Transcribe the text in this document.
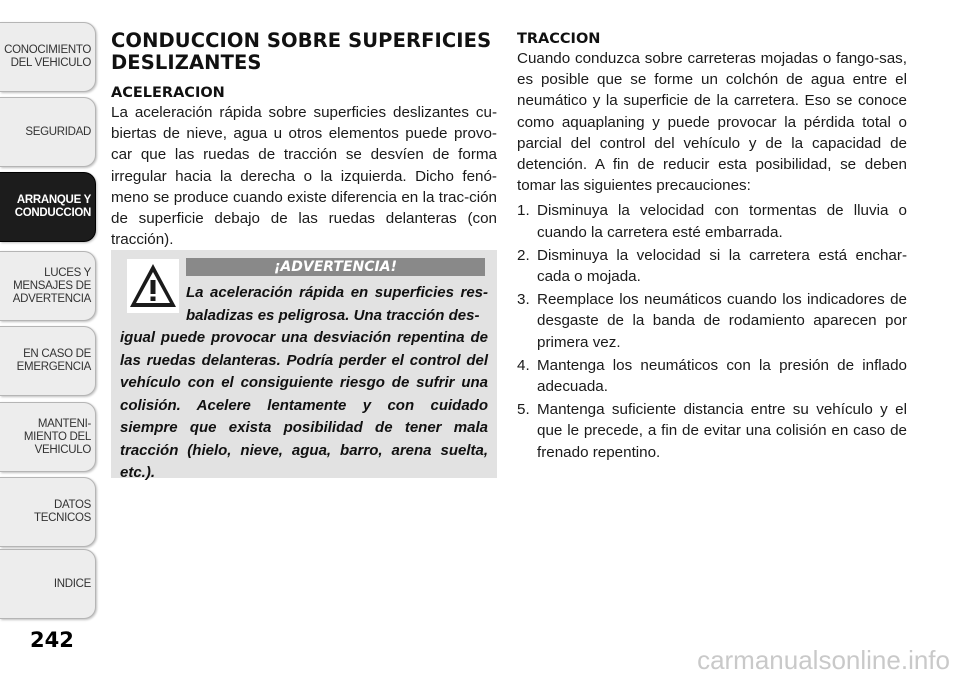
CONOCIMIENTO
DEL VEHICULO
SEGURIDAD
ARRANQUE Y
CONDUCCION
LUCES Y
MENSAJES DE
ADVERTENCIA
EN CASO DE
EMERGENCIA
MANTENI-
MIENTO DEL
VEHICULO
DATOS
TECNICOS
INDICE
242
CONDUCCION SOBRE SUPERFICIES
DESLIZANTES
ACELERACION

La aceleración rápida sobre superficies deslizantes cu-biertas de nieve, agua u otros elementos puede provo-car que las ruedas de tracción se desvíen de forma irregular hacia la derecha o la izquierda. Dicho fenó-meno se produce cuando existe diferencia en la trac-ción de superficie debajo de las ruedas delanteras (con tracción).

¡ADVERTENCIA!
La aceleración rápida en superficies res-baladizas es peligrosa. Una tracción des-
igual puede provocar una desviación repentina de las ruedas delanteras. Podría perder el control del vehículo con el consiguiente riesgo de sufrir una colisión. Acelere lentamente y con cuidado siempre que exista posibilidad de tener mala tracción (hielo, nieve, agua, barro, arena suelta, etc.).
TRACCION

Cuando conduzca sobre carreteras mojadas o fango-sas, es posible que se forme un colchón de agua entre el neumático y la superficie de la carretera. Eso se conoce como aquaplaning y puede provocar la pérdida total o parcial del control del vehículo y de la capacidad de detención. A fin de reducir esta posibilidad, se deben tomar las siguientes precauciones:

1. Disminuya la velocidad con tormentas de lluvia o cuando la carretera esté embarrada.
2. Disminuya la velocidad si la carretera está enchar-cada o mojada.
3. Reemplace los neumáticos cuando los indicadores de desgaste de la banda de rodamiento aparecen por primera vez.
4. Mantenga los neumáticos con la presión de inflado adecuada.
5. Mantenga suficiente distancia entre su vehículo y el que le precede, a fin de evitar una colisión en caso de frenado repentino.
carmanualsonline.info
